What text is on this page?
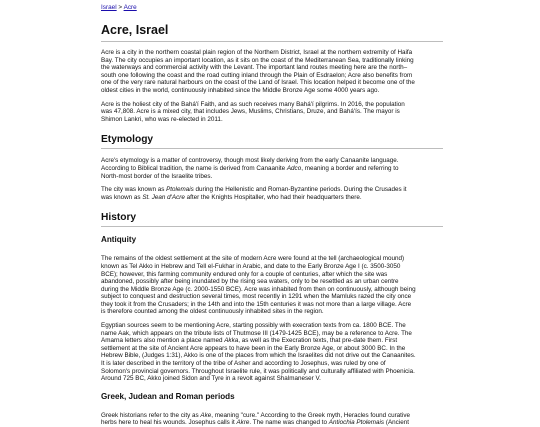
Israel > Acre
Acre, Israel

Acre is a city in the northern coastal plain region of the Northern District, Israel at the northern extremity of Haifa
Bay. The city occupies an important location, as it sits on the coast of the Mediterranean Sea, traditionally linking
the waterways and commercial activity with the Levant. The important land routes meeting here are the north–
south one following the coast and the road cutting inland through the Plain of Esdraelon; Acre also benefits from
one of the very rare natural harbours on the coast of the Land of Israel. This location helped it become one of the
oldest cities in the world, continuously inhabited since the Middle Bronze Age some 4000 years ago.

Acre is the holiest city of the Bahá'í Faith, and as such receives many Bahá'í pilgrims. In 2016, the population
was 47,808. Acre is a mixed city, that includes Jews, Muslims, Christians, Druze, and Bahá'ís. The mayor is
Shimon Lankri, who was re-elected in 2011.

Etymology

Acre's etymology is a matter of controversy, though most likely deriving from the early Canaanite language.
According to Biblical tradition, the name is derived from Canaanite Adco, meaning a border and referring to
North-most border of the Israelite tribes.

The city was known as Ptolemais during the Hellenistic and Roman-Byzantine periods. During the Crusades it
was known as St. Jean d'Acre after the Knights Hospitaller, who had their headquarters there.

History
Antiquity

The remains of the oldest settlement at the site of modern Acre were found at the tell (archaeological mound)
known as Tel Akko in Hebrew and Tell el-Fukhar in Arabic, and date to the Early Bronze Age I (c. 3500-3050
BCE); however, this farming community endured only for a couple of centuries, after which the site was
abandoned, possibly after being inundated by the rising sea waters, only to be resettled as an urban centre
during the Middle Bronze Age (c. 2000-1550 BCE). Acre was inhabited from then on continuously, although being
subject to conquest and destruction several times, most recently in 1291 when the Mamluks razed the city once
they took it from the Crusaders; in the 14th and into the 15th centuries it was not more than a large village. Acre
is therefore counted among the oldest continuously inhabited sites in the region.

Egyptian sources seem to be mentioning Acre, starting possibly with execration texts from ca. 1800 BCE. The
name Aak, which appears on the tribute lists of Thutmose III (1479-1425 BCE), may be a reference to Acre. The
Amarna letters also mention a place named Akka, as well as the Execration texts, that pre-date them. First
settlement at the site of Ancient Acre appears to have been in the Early Bronze Age, or about 3000 BC. In the
Hebrew Bible, (Judges 1:31), Akko is one of the places from which the Israelites did not drive out the Canaanites.
It is later described in the territory of the tribe of Asher and according to Josephus, was ruled by one of
Solomon's provincial governors. Throughout Israelite rule, it was politically and culturally affiliated with Phoenicia.
Around 725 BC, Akko joined Sidon and Tyre in a revolt against Shalmaneser V.

Greek, Judean and Roman periods

Greek historians refer to the city as Ake, meaning "cure." According to the Greek myth, Heracles found curative
herbs here to heal his wounds. Josephus calls it Akre. The name was changed to Antiochia Ptolemais (Ancient
